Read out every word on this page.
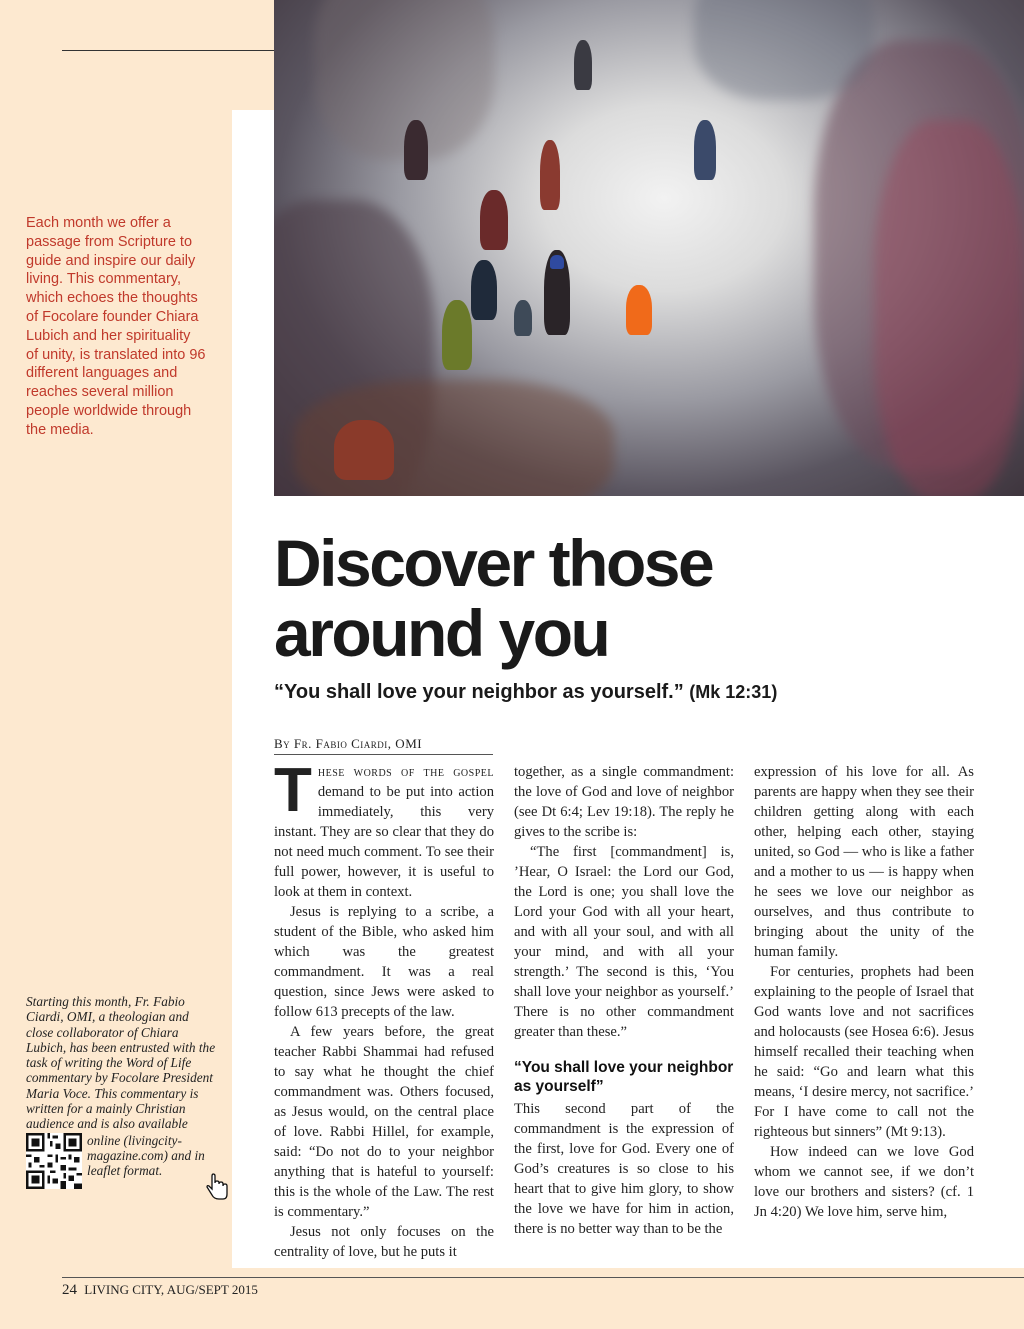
Each month we offer a passage from Scripture to guide and inspire our daily living. This commentary, which echoes the thoughts of Focolare founder Chiara Lubich and her spirituality of unity, is translated into 96 different languages and reaches several million people worldwide through the media.
Discover those
around you
“You shall love your neighbor as yourself.” (Mk 12:31)
By Fr. Fabio Ciardi, OMI

These words of the gospel demand to be put into action immediately, this very instant. They are so clear that they do not need much comment. To see their full power, however, it is useful to look at them in context.

Jesus is replying to a scribe, a student of the Bible, who asked him which was the greatest commandment. It was a real question, since Jews were asked to follow 613 precepts of the law.

A few years before, the great teacher Rabbi Shammai had refused to say what he thought the chief commandment was. Others focused, as Jesus would, on the central place of love. Rabbi Hillel, for example, said: “Do not do to your neighbor anything that is hateful to yourself: this is the whole of the Law. The rest is commentary.”

Jesus not only focuses on the centrality of love, but he puts it

together, as a single commandment: the love of God and love of neighbor (see Dt 6:4; Lev 19:18). The reply he gives to the scribe is:

“The first [commandment] is, ’Hear, O Israel: the Lord our God, the Lord is one; you shall love the Lord your God with all your heart, and with all your soul, and with all your mind, and with all your strength.’ The second is this, ‘You shall love your neighbor as yourself.’ There is no other commandment greater than these.”

“You shall love your neighbor as yourself”

This second part of the commandment is the expression of the first, love for God. Every one of God’s creatures is so close to his heart that to give him glory, to show the love we have for him in action, there is no better way than to be the

expression of his love for all. As parents are happy when they see their children getting along with each other, helping each other, staying united, so God — who is like a father and a mother to us — is happy when he sees we love our neighbor as ourselves, and thus contribute to bringing about the unity of the human family.

For centuries, prophets had been explaining to the people of Israel that God wants love and not sacrifices and holocausts (see Hosea 6:6). Jesus himself recalled their teaching when he said: “Go and learn what this means, ‘I desire mercy, not sacrifice.’ For I have come to call not the righteous but sinners” (Mt 9:13).

How indeed can we love God whom we cannot see, if we don’t love our brothers and sisters? (cf. 1 Jn 4:20) We love him, serve him,

Starting this month, Fr. Fabio Ciardi, OMI, a theologian and close collaborator of Chiara Lubich, has been entrusted with the task of writing the Word of Life commentary by Focolare President Maria Voce. This commentary is written for a mainly Christian audience and is also available
online (livingcity-magazine.com) and in leaflet format.
24 LIVING CITY, AUG/SEPT 2015
